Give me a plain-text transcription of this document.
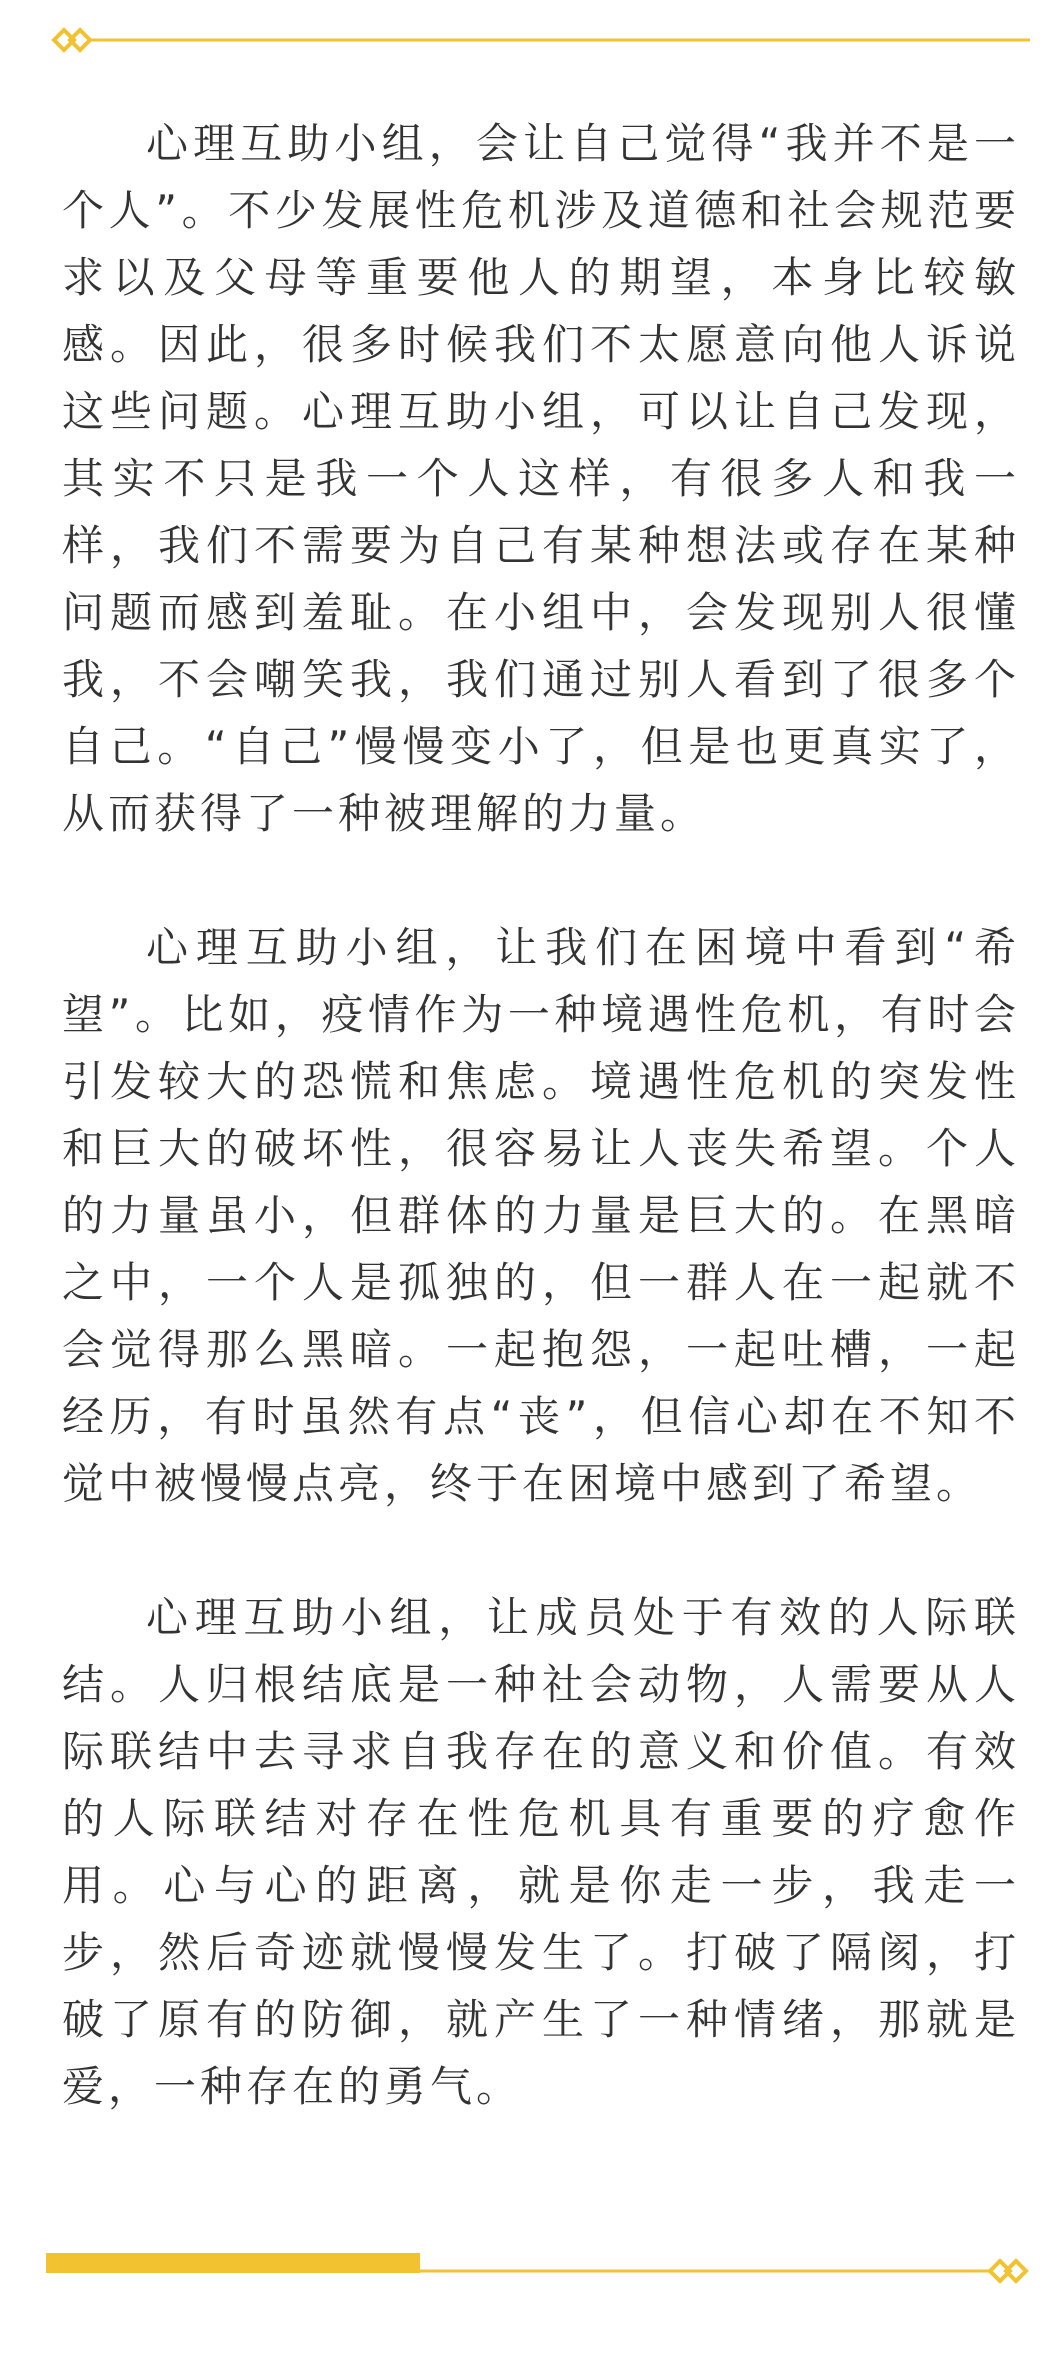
心理互助小组，会让自己觉得“我并不是一个人”。不少发展性危机涉及道德和社会规范要求以及父母等重要他人的期望，本身比较敏感。因此，很多时候我们不太愿意向他人诉说这些问题。心理互助小组，可以让自己发现，其实不只是我一个人这样，有很多人和我一样，我们不需要为自己有某种想法或存在某种问题而感到羞耻。在小组中，会发现别人很懂我，不会嘲笑我，我们通过别人看到了很多个自己。“自己”慢慢变小了，但是也更真实了，从而获得了一种被理解的力量。

心理互助小组，让我们在困境中看到“希望”。比如，疫情作为一种境遇性危机，有时会引发较大的恐慌和焦虑。境遇性危机的突发性和巨大的破坏性，很容易让人丧失希望。个人的力量虽小，但群体的力量是巨大的。在黑暗之中，一个人是孤独的，但一群人在一起就不会觉得那么黑暗。一起抱怨，一起吐槽，一起经历，有时虽然有点“丧”，但信心却在不知不觉中被慢慢点亮，终于在困境中感到了希望。

心理互助小组，让成员处于有效的人际联结。人归根结底是一种社会动物，人需要从人际联结中去寻求自我存在的意义和价值。有效的人际联结对存在性危机具有重要的疗愈作用。心与心的距离，就是你走一步，我走一步，然后奇迹就慢慢发生了。打破了隔阂，打破了原有的防御，就产生了一种情绪，那就是爱，一种存在的勇气。
